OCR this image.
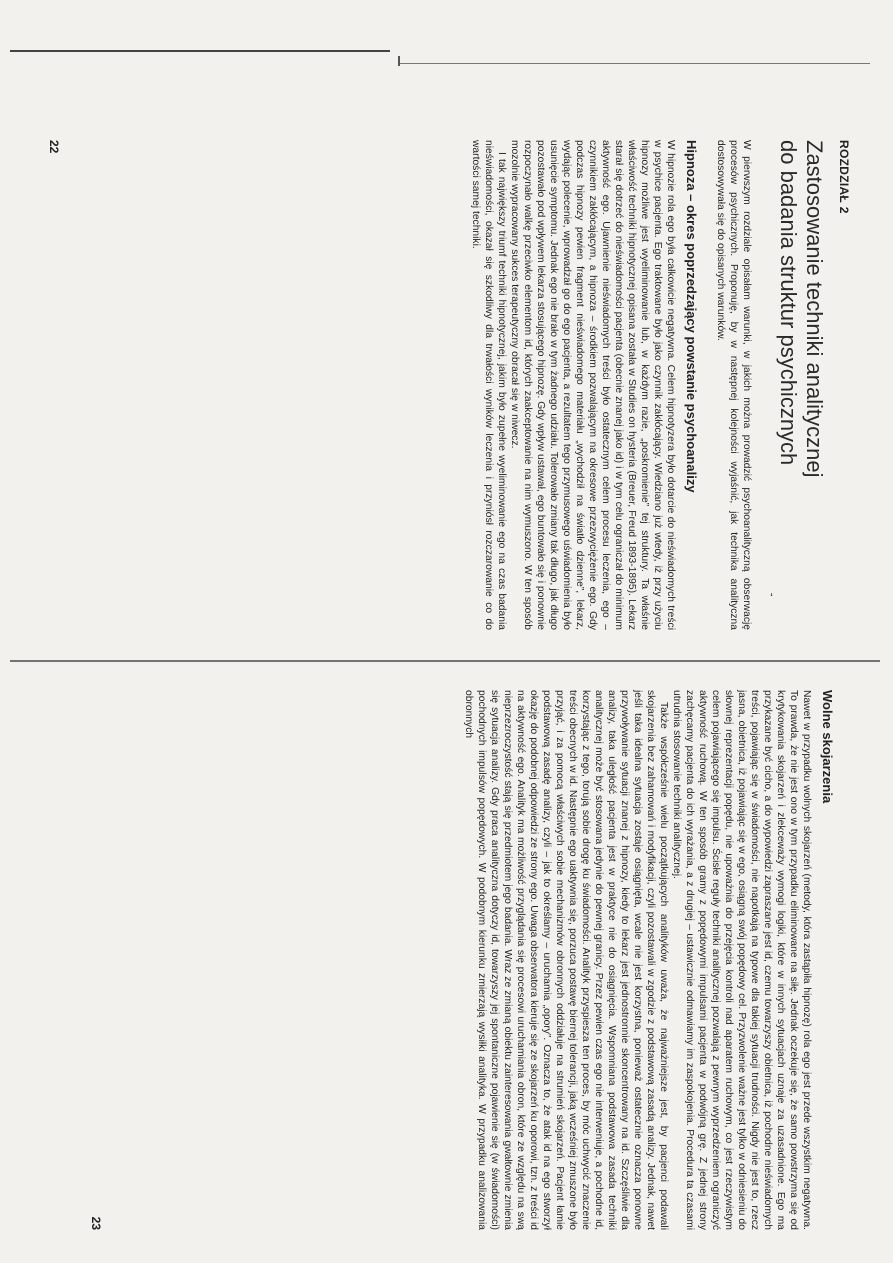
ʻ
ROZDZIAŁ 2
Zastosowanie techniki analitycznej
do badania struktur psychicznych

W pierwszym rozdziale opisałam warunki, w jakich można prowadzić psychoanalityczną obserwację procesów psychicznych. Proponuję, by w następnej kolejności wyjaśnić, jak technika analityczna dostosowywała się do opisanych warunków.

Hipnoza – okres poprzedzający powstanie psychoanalizy

W hipnozie rola ego była całkowicie negatywna. Celem hipnotyzera było dotarcie do nieświadomych treści w psychice pacjenta. Ego traktowane było jako czynnik zakłócający. Wiedziano już wtedy, iż przy użyciu hipnozy możliwe jest wyeliminowanie lub, w każdym razie, „poskromienie” tej struktury. Ta właśnie właściwość techniki hipnotycznej opisana została w Studies on hysteria (Breuer, Freud 1893-1895). Lekarz starał się dotrzeć do nieświadomości pacjenta (obecnie znanej jako id) i w tym celu ograniczał do minimum aktywność ego. Ujawnienie nieświadomych treści było ostatecznym celem procesu leczenia, ego – czynnikiem zakłócającym, a hipnoza – środkiem pozwalającym na okresowe przezwyciężenie ego. Gdy podczas hipnozy pewien fragment nieświadomego materiału „wychodził na światło dzienne”, lekarz, wydając polecenie, wprowadzał go do ego pacjenta, a rezultatem tego przymusowego uświadomienia było usunięcie symptomu. Jednak ego nie brało w tym żadnego udziału. Tolerowało zmiany tak długo, jak długo pozostawało pod wpływem lekarza stosującego hipnozę. Gdy wpływ ustawał, ego buntowało się i ponownie rozpoczynało walkę przeciwko elementom id, których zaakceptowanie na nim wymuszono. W ten sposób mozolnie wypracowany sukces terapeutyczny obracał się w niwecz.

I tak największy triumf techniki hipnotycznej, jakim było zupełne wyeliminowanie ego na czas badania nieświadomości, okazał się szkodliwy dla trwałości wyników leczenia i przyniósł rozczarowanie co do wartości samej techniki.

22
Wolne skojarzenia

Nawet w przypadku wolnych skojarzeń (metody, która zastąpiła hipnozę) rola ego jest przede wszystkim negatywna. To prawda, że nie jest ono w tym przypadku eliminowane na siłę. Jednak oczekuje się, że samo powstrzyma się od krytykowania skojarzeń i zlekceważy wymogi logiki, które w innych sytuacjach uznaje za uzasadnione. Ego ma przykazane być cicho, a do wypowiedzi zapraszane jest id, czemu towarzyszy obietnica, iż pochodne nieświadomych treści, pojawiając się w świadomości, nie napotkają na typowe dla takiej sytuacji trudności. Nigdy nie jest to, rzecz jasna, obietnica, iż pojawiając się w ego, osiągną swój popędowy cel. Przyzwolenie ważne jest tylko w odniesieniu do słownej reprezentacji popędu, nie upoważnia do przejęcia kontroli nad aparatem ruchowym, co jest rzeczywistym celem pojawiającego się impulsu. Ścisłe reguły techniki analitycznej pozwalają z pewnym wyprzedzeniem ograniczyć aktywność ruchową. W ten sposób gramy z popędowymi impulsami pacjenta w podwójną grę. Z jednej strony zachęcamy pacjenta do ich wyrażania, a z drugiej – ustawicznie odmawiamy im zaspokojenia. Procedura ta czasami utrudnia stosowanie techniki analitycznej.

Także współcześnie wielu początkujących analityków uważa, że najważniejsze jest, by pacjenci podawali skojarzenia bez zahamowań i modyfikacji, czyli pozostawali w zgodzie z podstawową zasadą analizy. Jednak, nawet jeśli taka idealna sytuacja zostaje osiągnięta, wcale nie jest korzystna, ponieważ ostatecznie oznacza ponowne przywoływanie sytuacji znanej z hipnozy, kiedy to lekarz jest jednostronnie skoncentrowany na id. Szczęśliwie dla analizy, taka uległość pacjenta jest w praktyce nie do osiągnięcia. Wspomniana podstawowa zasada techniki analitycznej może być stosowana jedynie do pewnej granicy. Przez pewien czas ego nie interweniuje, a pochodne id, korzystając z tego, torują sobie drogę ku świadomości. Analityk przyspiesza ten proces, by móc uchwycić znaczenie treści obecnych w id. Następnie ego uaktywnia się, porzuca postawę biernej tolerancji, jaką wcześniej zmuszone było przyjąć, i za pomocą właściwych sobie mechanizmów obronnych oddziałuje na strumień skojarzeń. Pacjent łamie podstawową zasadę analizy, czyli – jak to określamy – uruchamia „opory”. Oznacza to, że atak id na ego stworzył okazję do podobnej odpowiedzi ze strony ego. Uwaga obserwatora kieruje się ze skojarzeń ku oporowi, tzn. z treści id na aktywność ego. Analityk ma możliwość przyglądania się procesowi uruchamiania obron, które ze względu na swą nieprzezroczystość stają się przedmiotem jego badania. Wraz ze zmianą obiektu zainteresowania gwałtownie zmienia się sytuacja analizy. Gdy praca analityczna dotyczy id, towarzyszy jej spontaniczne pojawienie się (w świadomości) pochodnych impulsów popędowych. W podobnym kierunku zmierzają wysiłki analityka. W przypadku analizowania obronnych

23
